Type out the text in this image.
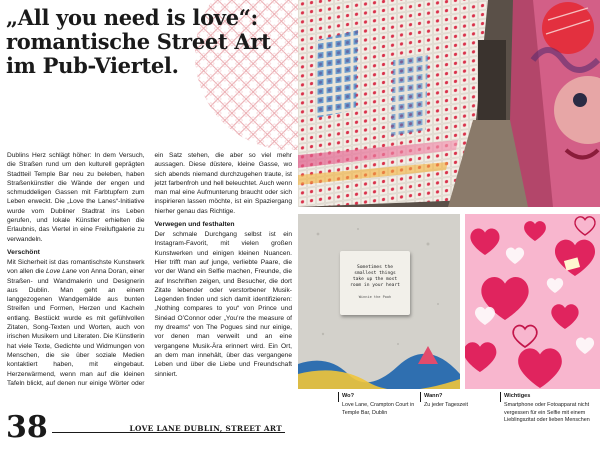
„All you need is love“: romantische Street Art im Pub-Viertel.

Dublins Herz schlägt höher: In dem Versuch, die Straßen rund um den kulturell geprägten Stadtteil Temple Bar neu zu beleben, haben Straßenkünstler die Wände der engen und schmuddeligen Gassen mit Farbtupfern zum Leben erweckt. Die „Love the Lanes“-Initiative wurde vom Dubliner Stadtrat ins Leben gerufen, und lokale Künstler erhielten die Erlaubnis, das Viertel in eine Freiluftgalerie zu verwandeln.

Verschönt

Mit Sicherheit ist das romantischste Kunstwerk von allen die Love Lane von Anna Doran, einer Straßen- und Wandmalerin und Designerin aus Dublin. Man geht an einem langgezogenen Wandgemälde aus bunten Streifen und Formen, Herzen und Kacheln entlang. Bestückt wurde es mit gefühlvollen Zitaten, Song-Texten und Worten, auch von irischen Musikern und Literaten. Die Künstlerin hat viele Texte, Gedichte und Widmungen von Menschen, die sie über soziale Medien kontaktiert haben, mit eingebaut. Herzerwärmend, wenn man auf die kleinen Tafeln blickt, auf denen nur einige Wörter oder ein Satz stehen, die aber so viel mehr aussagen. Diese düstere, kleine Gasse, wo sich abends niemand durchzugehen traute, ist jetzt farbenfroh und hell beleuchtet. Auch wenn man mal eine Aufmunterung braucht oder sich inspirieren lassen möchte, ist ein Spaziergang hierher genau das Richtige.

Verwegen und festhalten

Der schmale Durchgang selbst ist ein Instagram-Favorit, mit vielen großen Kunstwerken und einigen kleinen Nuancen. Hier trifft man auf junge, verliebte Paare, die vor der Wand ein Selfie machen, Freunde, die auf Inschriften zeigen, und Besucher, die dort Zitate lebender oder verstorbener Musik-Legenden finden und sich damit identifizieren: „Nothing compares to you“ von Prince und Sinéad O’Connor oder „You’re the measure of my dreams“ von The Pogues sind nur einige, vor denen man verweilt und an eine vergangene Musik-Ära erinnert wird. Ein Ort, an dem man innehält, über das vergangene Leben und über die Liebe und Freundschaft sinniert.

38	LOVE LANE DUBLIN, STREET ART
Sometimes the
smallest things
take up the most
room in your heart
Winnie the Pooh
Wo?
Love Lane, Crampton Court in Temple Bar, Dublin
Wann?
Zu jeder Tageszeit
Wichtiges
Smartphone oder Fotoapparat nicht vergessen für ein Selfie mit einem Lieblingszitat oder lieben Menschen
